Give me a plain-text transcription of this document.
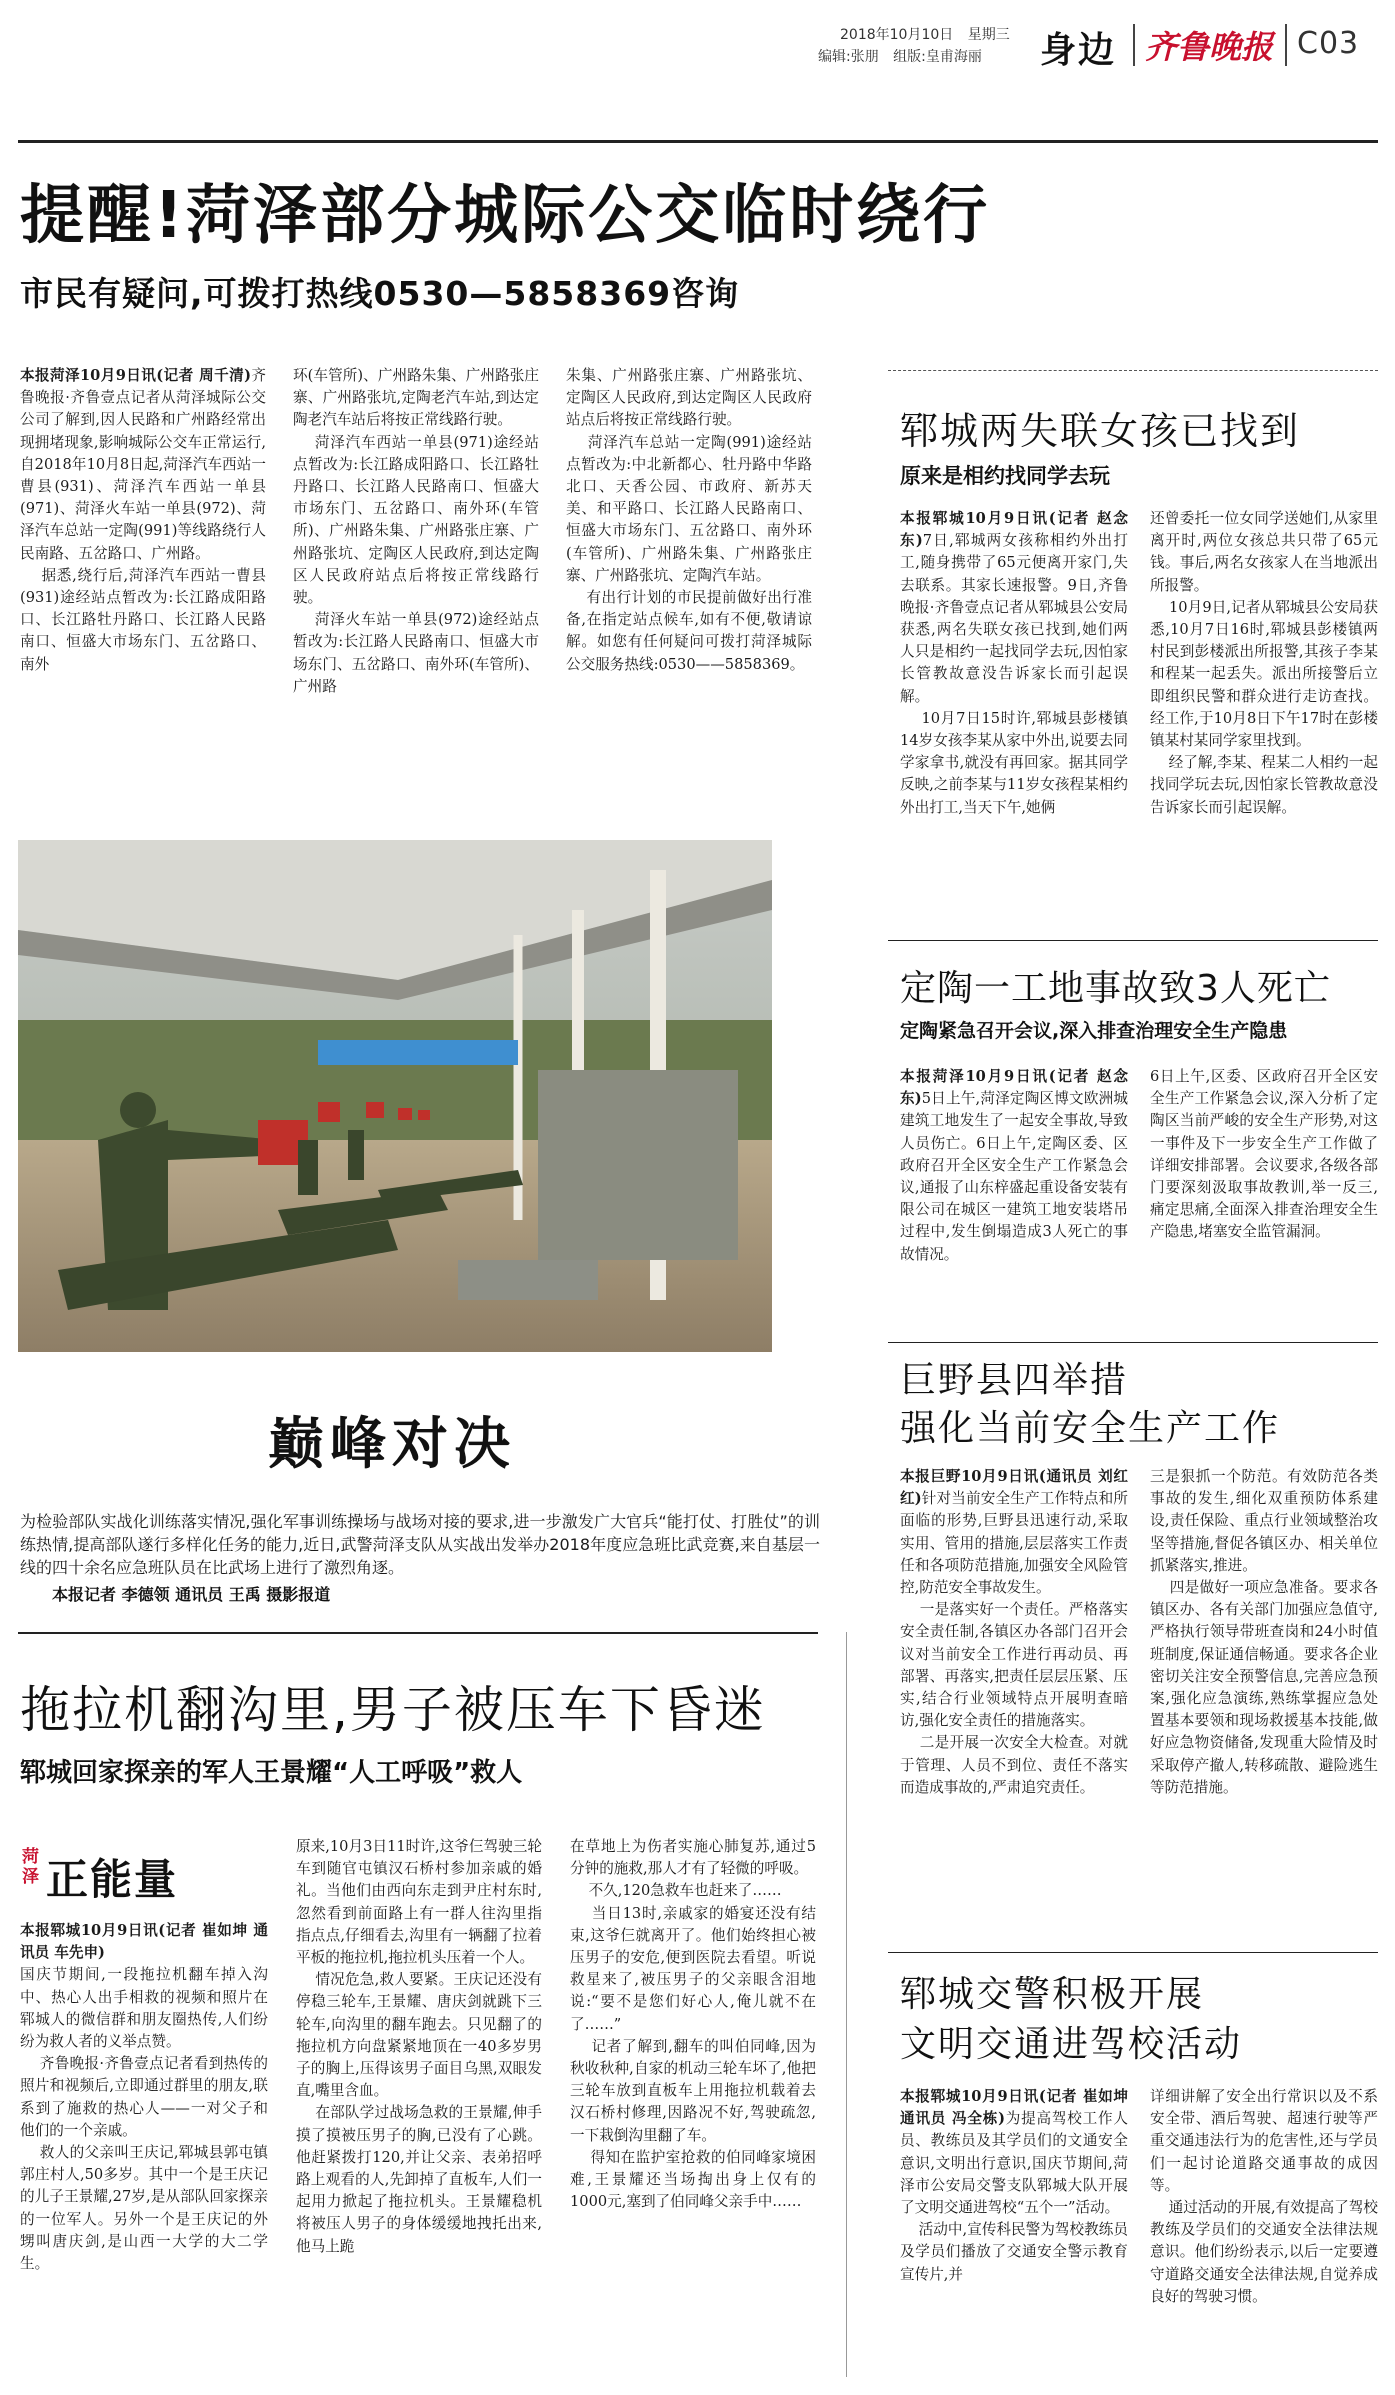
2018年10月10日 星期三
编辑:张朋 组版:皇甫海丽 身边 齐鲁晚报 C03
提醒!菏泽部分城际公交临时绕行
市民有疑问,可拨打热线0530—5858369咨询
本报菏泽10月9日讯(记者 周千清)齐鲁晚报·齐鲁壹点记者从菏泽城际公交公司了解到,因人民路和广州路经常出现拥堵现象,影响城际公交车正常运行,自2018年10月8日起,菏泽汽车西站一曹县(931)、菏泽汽车西站一单县(971)、菏泽火车站一单县(972)、菏泽汽车总站一定陶(991)等线路绕行人民南路、五岔路口、广州路。
据悉,绕行后,菏泽汽车西站一曹县(931)途经站点暂改为:长江路成阳路口、长江路牡丹路口、长江路人民路南口、恒盛大市场东门、五岔路口、南外
环(车管所)、广州路朱集、广州路张庄寨、广州路张坑,定陶老汽车站,到达定陶老汽车站后将按正常线路行驶。
菏泽汽车西站一单县(971)途经站点暂改为:长江路成阳路口、长江路牡丹路口、长江路人民路南口、恒盛大市场东门、五岔路口、南外环(车管所)、广州路朱集、广州路张庄寨、广州路张坑、定陶区人民政府,到达定陶区人民政府站点后将按正常线路行驶。
菏泽火车站一单县(972)途经站点暂改为:长江路人民路南口、恒盛大市场东门、五岔路口、南外环(车管所)、广州路
朱集、广州路张庄寨、广州路张坑、定陶区人民政府,到达定陶区人民政府站点后将按正常线路行驶。
菏泽汽车总站一定陶(991)途经站点暂改为:中北新都心、牡丹路中华路北口、天香公园、市政府、新苏天美、和平路口、长江路人民路南口、恒盛大市场东门、五岔路口、南外环(车管所)、广州路朱集、广州路张庄寨、广州路张坑、定陶汽车站。
有出行计划的市民提前做好出行准备,在指定站点候车,如有不便,敬请谅解。如您有任何疑问可拨打菏泽城际公交服务热线:0530——5858369。
巅峰对决
为检验部队实战化训练落实情况,强化军事训练操场与战场对接的要求,进一步激发广大官兵“能打仗、打胜仗”的训练热情,提高部队遂行多样化任务的能力,近日,武警菏泽支队从实战出发举办2018年度应急班比武竞赛,来自基层一线的四十余名应急班队员在比武场上进行了激烈角逐。
本报记者 李德领 通讯员 王禹 摄影报道
拖拉机翻沟里,男子被压车下昏迷
郓城回家探亲的军人王景耀“人工呼吸”救人
菏泽 正能量
本报郓城10月9日讯(记者 崔如坤 通讯员 车先申)
国庆节期间,一段拖拉机翻车掉入沟中、热心人出手相救的视频和照片在郓城人的微信群和朋友圈热传,人们纷纷为救人者的义举点赞。
齐鲁晚报·齐鲁壹点记者看到热传的照片和视频后,立即通过群里的朋友,联系到了施救的热心人——一对父子和他们的一个亲戚。
救人的父亲叫王庆记,郓城县郭屯镇郭庄村人,50多岁。其中一个是王庆记的儿子王景耀,27岁,是从部队回家探亲的一位军人。另外一个是王庆记的外甥叫唐庆剑,是山西一大学的大二学生。
原来,10月3日11时许,这爷仨驾驶三轮车到随官屯镇汉石桥村参加亲戚的婚礼。当他们由西向东走到尹庄村东时,忽然看到前面路上有一群人往沟里指指点点,仔细看去,沟里有一辆翻了拉着平板的拖拉机,拖拉机头压着一个人。
情况危急,救人要紧。王庆记还没有停稳三轮车,王景耀、唐庆剑就跳下三轮车,向沟里的翻车跑去。只见翻了的拖拉机方向盘紧紧地顶在一40多岁男子的胸上,压得该男子面目乌黑,双眼发直,嘴里含血。
在部队学过战场急救的王景耀,伸手摸了摸被压男子的胸,已没有了心跳。他赶紧拨打120,并让父亲、表弟招呼路上观看的人,先卸掉了直板车,人们一起用力掀起了拖拉机头。王景耀稳机将被压人男子的身体缓缓地拽托出来,他马上跪
在草地上为伤者实施心肺复苏,通过5分钟的施救,那人才有了轻微的呼吸。
不久,120急救车也赶来了……
当日13时,亲戚家的婚宴还没有结束,这爷仨就离开了。他们始终担心被压男子的安危,便到医院去看望。听说救星来了,被压男子的父亲眼含泪地说:“要不是您们好心人,俺儿就不在了……”
记者了解到,翻车的叫伯同峰,因为秋收秋种,自家的机动三轮车坏了,他把三轮车放到直板车上用拖拉机载着去汉石桥村修理,因路况不好,驾驶疏忽,一下栽倒沟里翻了车。
得知在监护室抢救的伯同峰家境困难,王景耀还当场掏出身上仅有的1000元,塞到了伯同峰父亲手中……
郓城两失联女孩已找到
原来是相约找同学去玩
本报郓城10月9日讯(记者 赵念东)7日,郓城两女孩称相约外出打工,随身携带了65元便离开家门,失去联系。其家长速报警。9日,齐鲁晚报·齐鲁壹点记者从郓城县公安局获悉,两名失联女孩已找到,她们两人只是相约一起找同学去玩,因怕家长管教故意没告诉家长而引起误解。
10月7日15时许,郓城县彭楼镇14岁女孩李某从家中外出,说要去同学家拿书,就没有再回家。据其同学反映,之前李某与11岁女孩程某相约外出打工,当天下午,她俩
还曾委托一位女同学送她们,从家里离开时,两位女孩总共只带了65元钱。事后,两名女孩家人在当地派出所报警。
10月9日,记者从郓城县公安局获悉,10月7日16时,郓城县彭楼镇两村民到彭楼派出所报警,其孩子李某和程某一起丢失。派出所接警后立即组织民警和群众进行走访查找。经工作,于10月8日下午17时在彭楼镇某村某同学家里找到。
经了解,李某、程某二人相约一起找同学玩去玩,因怕家长管教故意没告诉家长而引起误解。
定陶一工地事故致3人死亡
定陶紧急召开会议,深入排查治理安全生产隐患
本报菏泽10月9日讯(记者 赵念东)5日上午,菏泽定陶区博文欧洲城建筑工地发生了一起安全事故,导致人员伤亡。6日上午,定陶区委、区政府召开全区安全生产工作紧急会议,通报了山东梓盛起重设备安装有限公司在城区一建筑工地安装塔吊过程中,发生倒塌造成3人死亡的事故情况。
6日上午,区委、区政府召开全区安全生产工作紧急会议,深入分析了定陶区当前严峻的安全生产形势,对这一事件及下一步安全生产工作做了详细安排部署。会议要求,各级各部门要深刻汲取事故教训,举一反三,痛定思痛,全面深入排查治理安全生产隐患,堵塞安全监管漏洞。
巨野县四举措
强化当前安全生产工作
本报巨野10月9日讯(通讯员 刘红红)针对当前安全生产工作特点和所面临的形势,巨野县迅速行动,采取实用、管用的措施,层层落实工作责任和各项防范措施,加强安全风险管控,防范安全事故发生。
一是落实好一个责任。严格落实安全责任制,各镇区办各部门召开会议对当前安全工作进行再动员、再部署、再落实,把责任层层压紧、压实,结合行业领域特点开展明查暗访,强化安全责任的措施落实。
二是开展一次安全大检查。对就于管理、人员不到位、责任不落实而造成事故的,严肃追究责任。
三是狠抓一个防范。有效防范各类事故的发生,细化双重预防体系建设,责任保险、重点行业领域整治攻坚等措施,督促各镇区办、相关单位抓紧落实,推进。
四是做好一项应急准备。要求各镇区办、各有关部门加强应急值守,严格执行领导带班查岗和24小时值班制度,保证通信畅通。要求各企业密切关注安全预警信息,完善应急预案,强化应急演练,熟练掌握应急处置基本要领和现场救援基本技能,做好应急物资储备,发现重大险情及时采取停产撤人,转移疏散、避险逃生等防范措施。
郓城交警积极开展
文明交通进驾校活动
本报郓城10月9日讯(记者 崔如坤 通讯员 冯全栋)为提高驾校工作人员、教练员及其学员们的文通安全意识,文明出行意识,国庆节期间,菏泽市公安局交警支队郓城大队开展了文明交通进驾校“五个一”活动。
活动中,宣传科民警为驾校教练员及学员们播放了交通安全警示教育宣传片,并
详细讲解了安全出行常识以及不系安全带、酒后驾驶、超速行驶等严重交通违法行为的危害性,还与学员们一起讨论道路交通事故的成因等。
通过活动的开展,有效提高了驾校教练及学员们的交通安全法律法规意识。他们纷纷表示,以后一定要遵守道路交通安全法律法规,自觉养成良好的驾驶习惯。
